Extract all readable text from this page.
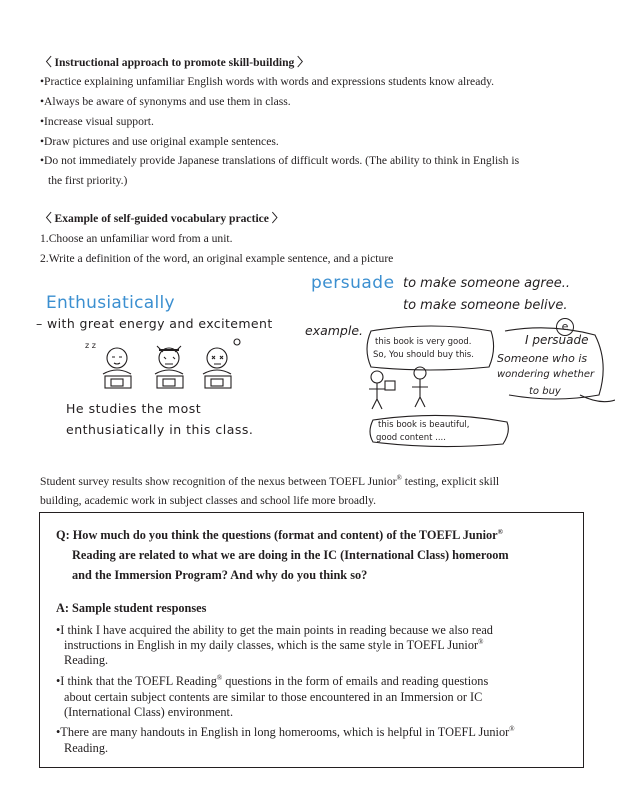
〈 Instructional approach to promote skill-building 〉
•Practice explaining unfamiliar English words with words and expressions students know already.
•Always be aware of synonyms and use them in class.
•Increase visual support.
•Draw pictures and use original example sentences.
•Do not immediately provide Japanese translations of difficult words. (The ability to think in English is
the first priority.)
〈 Example of self-guided vocabulary practice 〉
1.Choose an unfamiliar word from a unit.
2.Write a definition of the word, an original example sentence, and a picture
Enthusiatically
– with great energy and excitement
z z
He studies the most
enthusiatically in this class.
persuade to make someone agree..
to make someone belive.
e
example.
this book is very good.
So, You should buy this.
I persuade
Someone who is
wondering whether
to buy
this book is beautiful,
good content ....
Student survey results show recognition of the nexus between TOEFL Junior® testing, explicit skill
building, academic work in subject classes and school life more broadly.
Q: How much do you think the questions (format and content) of the TOEFL Junior®
Reading are related to what we are doing in the IC (International Class) homeroom
and the Immersion Program? And why do you think so?
A: Sample student responses
•I think I have acquired the ability to get the main points in reading because we also read
instructions in English in my daily classes, which is the same style in TOEFL Junior®
Reading.
•I think that the TOEFL Reading® questions in the form of emails and reading questions
about certain subject contents are similar to those encountered in an Immersion or IC
(International Class) environment.
•There are many handouts in English in long homerooms, which is helpful in TOEFL Junior®
Reading.
